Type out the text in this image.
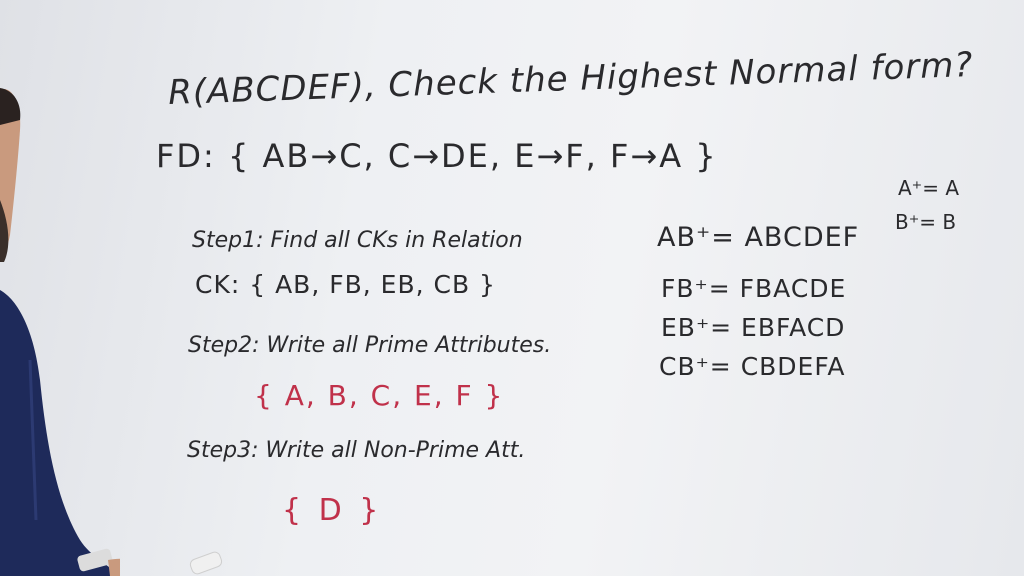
R(ABCDEF), Check the Highest Normal form?
FD: { AB→C, C→DE, E→F, F→A }
Step1: Find all CKs in Relation
CK: { AB, FB, EB, CB }
Step2: Write all Prime Attributes.
{ A, B, C, E, F }
Step3: Write all Non-Prime Att.
{ D }
AB⁺= ABCDEF
FB⁺= FBACDE
EB⁺= EBFACD
CB⁺= CBDEFA
A⁺= A
B⁺= B
